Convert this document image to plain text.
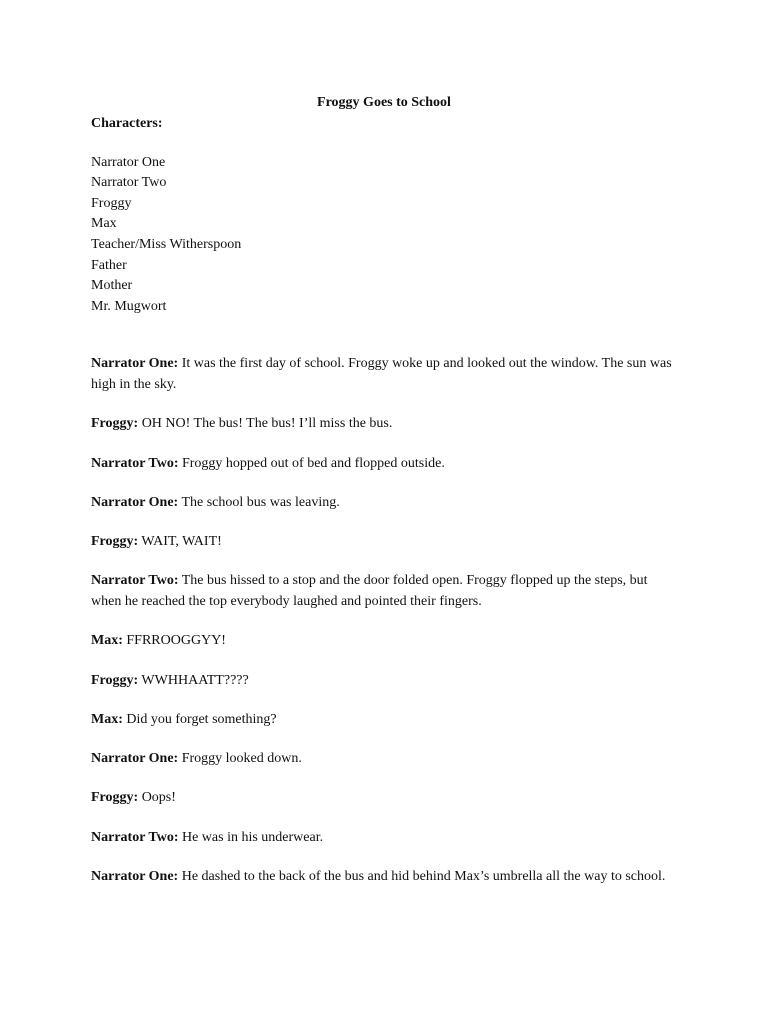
Froggy Goes to School

Characters:

Narrator One
Narrator Two
Froggy
Max
Teacher/Miss Witherspoon
Father
Mother
Mr. Mugwort

Narrator One: It was the first day of school. Froggy woke up and looked out the window. The sun was high in the sky.

Froggy: OH NO! The bus! The bus! I’ll miss the bus.

Narrator Two: Froggy hopped out of bed and flopped outside.

Narrator One: The school bus was leaving.

Froggy: WAIT, WAIT!

Narrator Two: The bus hissed to a stop and the door folded open. Froggy flopped up the steps, but when he reached the top everybody laughed and pointed their fingers.

Max: FFRROOGGYY!

Froggy: WWHHAATT????

Max: Did you forget something?

Narrator One: Froggy looked down.

Froggy: Oops!

Narrator Two: He was in his underwear.

Narrator One: He dashed to the back of the bus and hid behind Max’s umbrella all the way to school.
